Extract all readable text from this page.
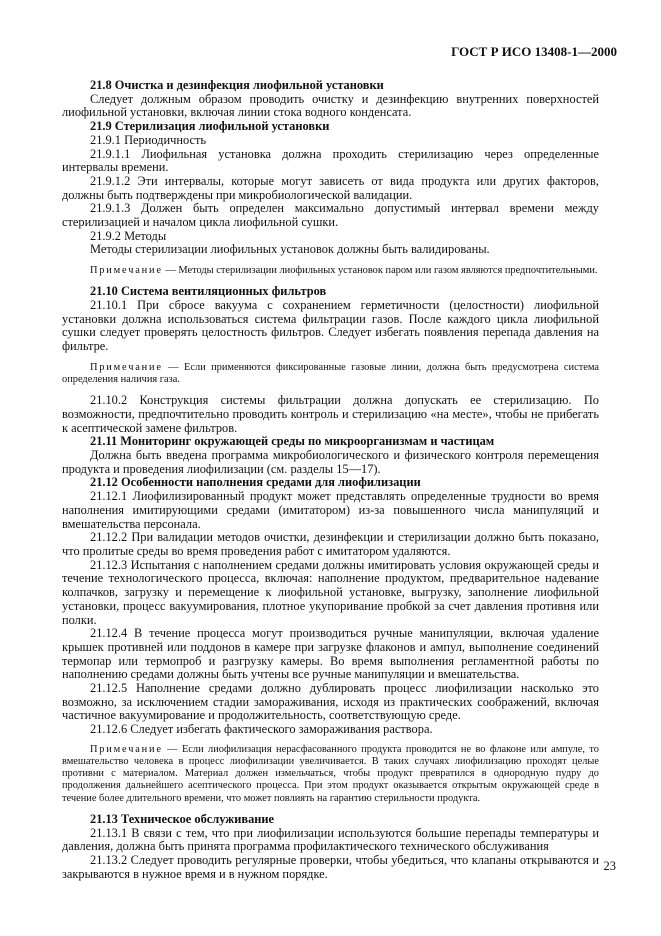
ГОСТ Р ИСО 13408-1—2000

21.8 Очистка и дезинфекция лиофильной установки

Следует должным образом проводить очистку и дезинфекцию внутренних поверхностей лиофильной установки, включая линии стока водного конденсата.

21.9 Стерилизация лиофильной установки

21.9.1 Периодичность

21.9.1.1 Лиофильная установка должна проходить стерилизацию через определенные интервалы времени.

21.9.1.2 Эти интервалы, которые могут зависеть от вида продукта или других факторов, должны быть подтверждены при микробиологической валидации.

21.9.1.3 Должен быть определен максимально допустимый интервал времени между стерилизацией и началом цикла лиофильной сушки.

21.9.2 Методы

Методы стерилизации лиофильных установок должны быть валидированы.

Примечание — Методы стерилизации лиофильных установок паром или газом являются предпочтительными.

21.10 Система вентиляционных фильтров

21.10.1 При сбросе вакуума с сохранением герметичности (целостности) лиофильной установки должна использоваться система фильтрации газов. После каждого цикла лиофильной сушки следует проверять целостность фильтров. Следует избегать появления перепада давления на фильтре.

Примечание — Если применяются фиксированные газовые линии, должна быть предусмотрена система определения наличия газа.

21.10.2 Конструкция системы фильтрации должна допускать ее стерилизацию. По возможности, предпочтительно проводить контроль и стерилизацию «на месте», чтобы не прибегать к асептической замене фильтров.

21.11 Мониторинг окружающей среды по микроорганизмам и частицам

Должна быть введена программа микробиологического и физического контроля перемещения продукта и проведения лиофилизации (см. разделы 15—17).

21.12 Особенности наполнения средами для лиофилизации

21.12.1 Лиофилизированный продукт может представлять определенные трудности во время наполнения имитирующими средами (имитатором) из-за повышенного числа манипуляций и вмешательства персонала.

21.12.2 При валидации методов очистки, дезинфекции и стерилизации должно быть показано, что пролитые среды во время проведения работ с имитатором удаляются.

21.12.3 Испытания с наполнением средами должны имитировать условия окружающей среды и течение технологического процесса, включая: наполнение продуктом, предварительное надевание колпачков, загрузку и перемещение к лиофильной установке, выгрузку, заполнение лиофильной установки, процесс вакуумирования, плотное укупоривание пробкой за счет давления противня или полки.

21.12.4 В течение процесса могут производиться ручные манипуляции, включая удаление крышек противней или поддонов в камере при загрузке флаконов и ампул, выполнение соединений термопар или термопроб и разгрузку камеры. Во время выполнения регламентной работы по наполнению средами должны быть учтены все ручные манипуляции и вмешательства.

21.12.5 Наполнение средами должно дублировать процесс лиофилизации насколько это возможно, за исключением стадии замораживания, исходя из практических соображений, включая частичное вакуумирование и продолжительность, соответствующую среде.

21.12.6 Следует избегать фактического замораживания раствора.

Примечание — Если лиофилизация нерасфасованного продукта проводится не во флаконе или ампуле, то вмешательство человека в процесс лиофилизации увеличивается. В таких случаях лиофилизацию проходят целые противни с материалом. Материал должен измельчаться, чтобы продукт превратился в однородную пудру до продолжения дальнейшего асептического процесса. При этом продукт оказывается открытым окружающей среде в течение более длительного времени, что может повлиять на гарантию стерильности продукта.

21.13 Техническое обслуживание

21.13.1 В связи с тем, что при лиофилизации используются большие перепады температуры и давления, должна быть принята программа профилактического технического обслуживания

21.13.2 Следует проводить регулярные проверки, чтобы убедиться, что клапаны открываются и закрываются в нужное время и в нужном порядке.

23
